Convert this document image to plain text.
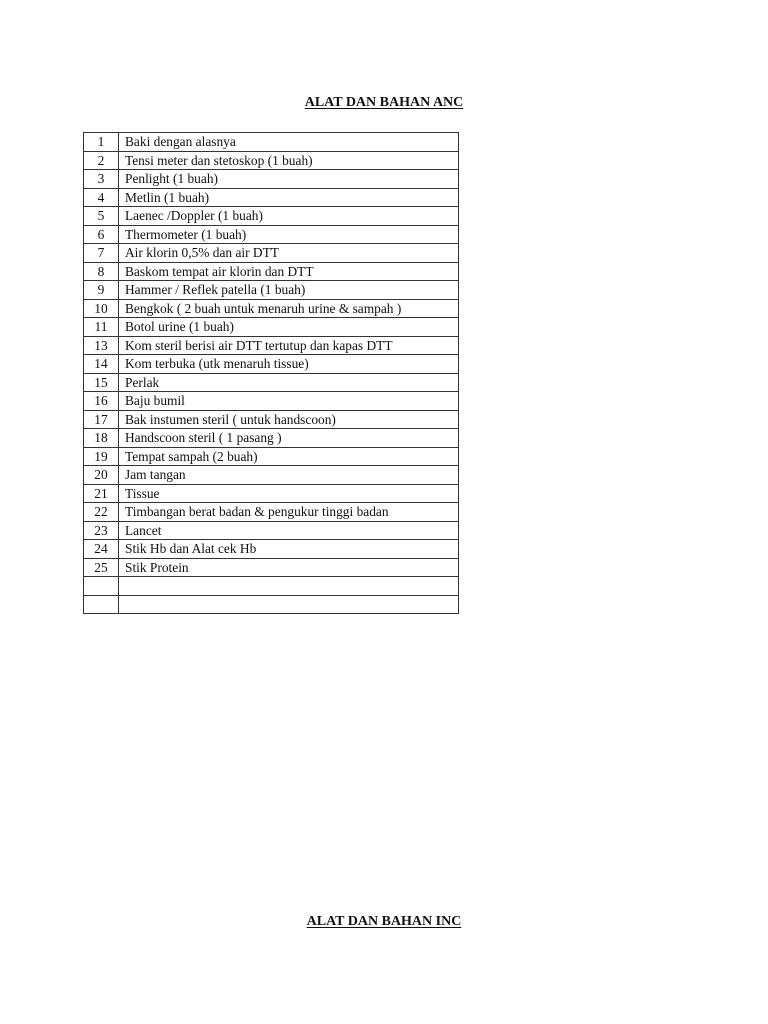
ALAT DAN BAHAN ANC
1	Baki dengan alasnya
2	Tensi meter dan stetoskop (1 buah)
3	Penlight (1 buah)
4	Metlin (1 buah)
5	Laenec /Doppler (1 buah)
6	Thermometer (1 buah)
7	Air klorin 0,5% dan air DTT
8	Baskom tempat air klorin dan DTT
9	Hammer / Reflek patella (1 buah)
10	Bengkok ( 2 buah untuk menaruh urine & sampah )
11	Botol urine (1 buah)
13	Kom steril berisi air DTT tertutup dan kapas DTT
14	Kom terbuka (utk menaruh tissue)
15	Perlak
16	Baju bumil
17	Bak instumen steril ( untuk handscoon)
18	Handscoon steril ( 1 pasang )
19	Tempat sampah (2 buah)
20	Jam tangan
21	Tissue
22	Timbangan berat badan & pengukur tinggi badan
23	Lancet
24	Stik Hb dan Alat cek Hb
25	Stik Protein

ALAT DAN BAHAN INC
